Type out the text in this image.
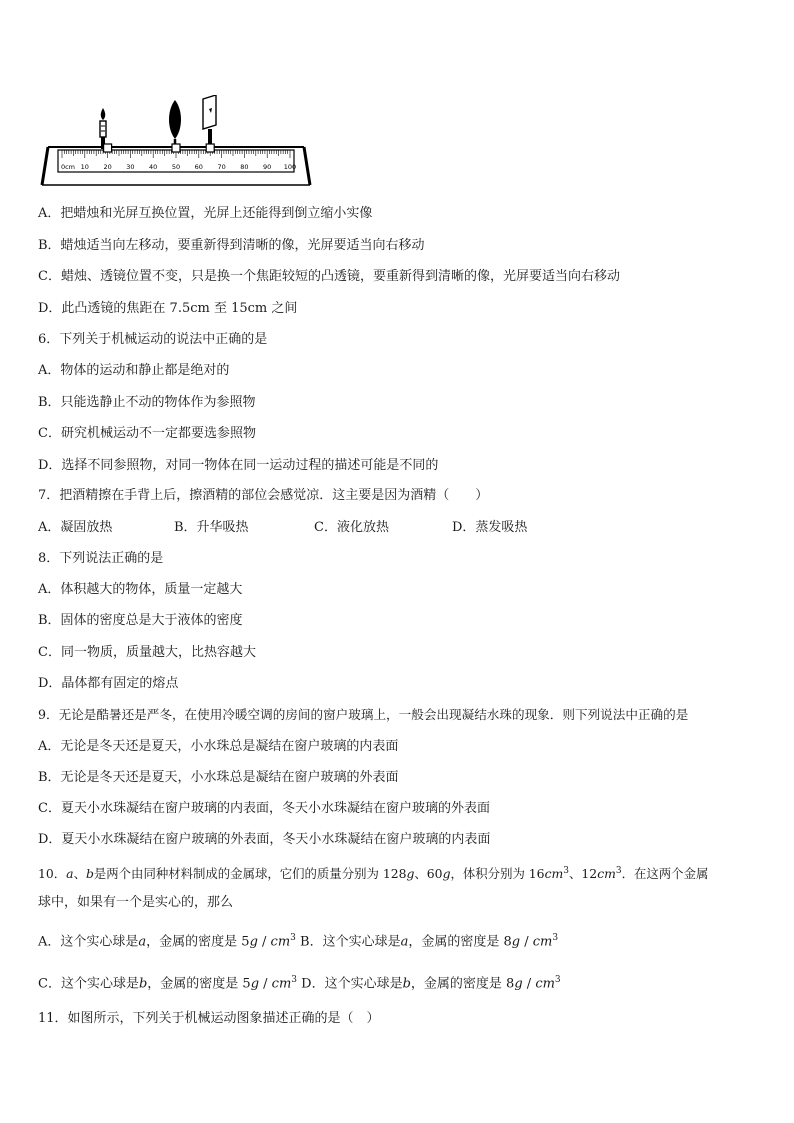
0cm 10 20 30 40 50 60 70 80 90 100
A．把蜡烛和光屏互换位置，光屏上还能得到倒立缩小实像
B．蜡烛适当向左移动，要重新得到清晰的像，光屏要适当向右移动
C．蜡烛、透镜位置不变，只是换一个焦距较短的凸透镜，要重新得到清晰的像，光屏要适当向右移动
D．此凸透镜的焦距在 7.5cm 至 15cm 之间
6．下列关于机械运动的说法中正确的是
A．物体的运动和静止都是绝对的
B．只能选静止不动的物体作为参照物
C．研究机械运动不一定都要选参照物
D．选择不同参照物，对同一物体在同一运动过程的描述可能是不同的
7．把酒精擦在手背上后，擦酒精的部位会感觉凉．这主要是因为酒精（　　）
A．凝固放热	B．升华吸热	C．液化放热	D．蒸发吸热
8．下列说法正确的是
A．体积越大的物体，质量一定越大
B．固体的密度总是大于液体的密度
C．同一物质，质量越大，比热容越大
D．晶体都有固定的熔点
9．无论是酷暑还是严冬，在使用冷暖空调的房间的窗户玻璃上，一般会出现凝结水珠的现象．则下列说法中正确的是
A．无论是冬天还是夏天，小水珠总是凝结在窗户玻璃的内表面
B．无论是冬天还是夏天，小水珠总是凝结在窗户玻璃的外表面
C．夏天小水珠凝结在窗户玻璃的内表面，冬天小水珠凝结在窗户玻璃的外表面
D．夏天小水珠凝结在窗户玻璃的外表面，冬天小水珠凝结在窗户玻璃的内表面
10．a、b是两个由同种材料制成的金属球，它们的质量分别为 128g、60g，体积分别为 $16cm^3$、$12cm^3$．在这两个金属
球中，如果有一个是实心的，那么
A．这个实心球是a，金属的密度是 $5g / cm^3$ B．这个实心球是a，金属的密度是 $8g / cm^3$
C．这个实心球是b，金属的密度是 $5g / cm^3$ D．这个实心球是b，金属的密度是 $8g / cm^3$
11．如图所示，下列关于机械运动图象描述正确的是（　）
